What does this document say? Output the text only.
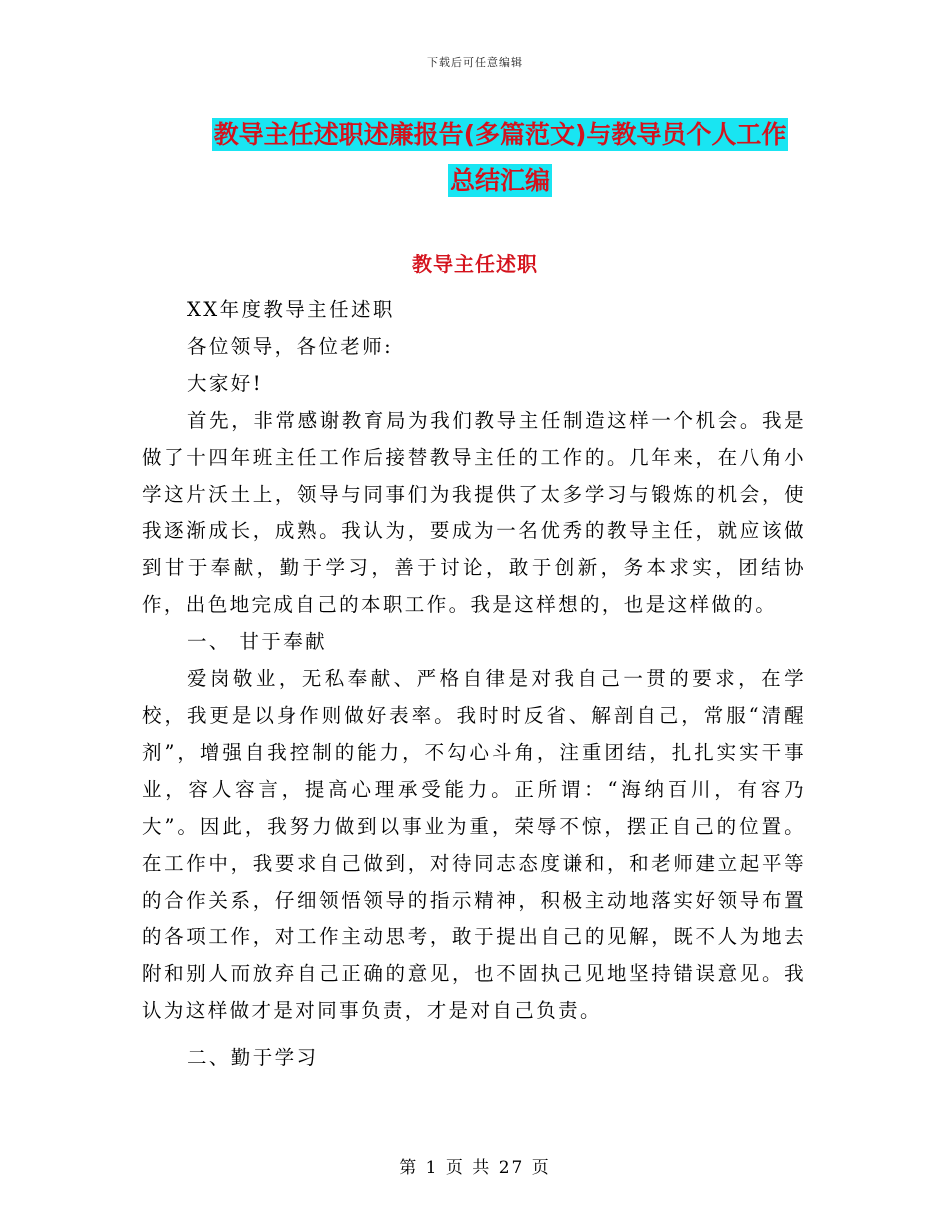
下载后可任意编辑
教导主任述职述廉报告(多篇范文)与教导员个人工作
总结汇编
教导主任述职

XX年度教导主任述职

各位领导，各位老师:

大家好!

首先，非常感谢教育局为我们教导主任制造这样一个机会。我是做了十四年班主任工作后接替教导主任的工作的。几年来，在八角小学这片沃土上，领导与同事们为我提供了太多学习与锻炼的机会，使我逐渐成长，成熟。我认为，要成为一名优秀的教导主任，就应该做到甘于奉献，勤于学习，善于讨论，敢于创新，务本求实，团结协作，出色地完成自己的本职工作。我是这样想的，也是这样做的。

一、 甘于奉献

爱岗敬业，无私奉献、严格自律是对我自己一贯的要求，在学校，我更是以身作则做好表率。我时时反省、解剖自己，常服“清醒剂”，增强自我控制的能力，不勾心斗角，注重团结，扎扎实实干事业，容人容言，提高心理承受能力。正所谓：“海纳百川，有容乃大”。因此，我努力做到以事业为重，荣辱不惊，摆正自己的位置。在工作中，我要求自己做到，对待同志态度谦和，和老师建立起平等的合作关系，仔细领悟领导的指示精神，积极主动地落实好领导布置的各项工作，对工作主动思考，敢于提出自己的见解，既不人为地去附和别人而放弃自己正确的意见，也不固执己见地坚持错误意见。我认为这样做才是对同事负责，才是对自己负责。

二、勤于学习

第 1 页 共 27 页
